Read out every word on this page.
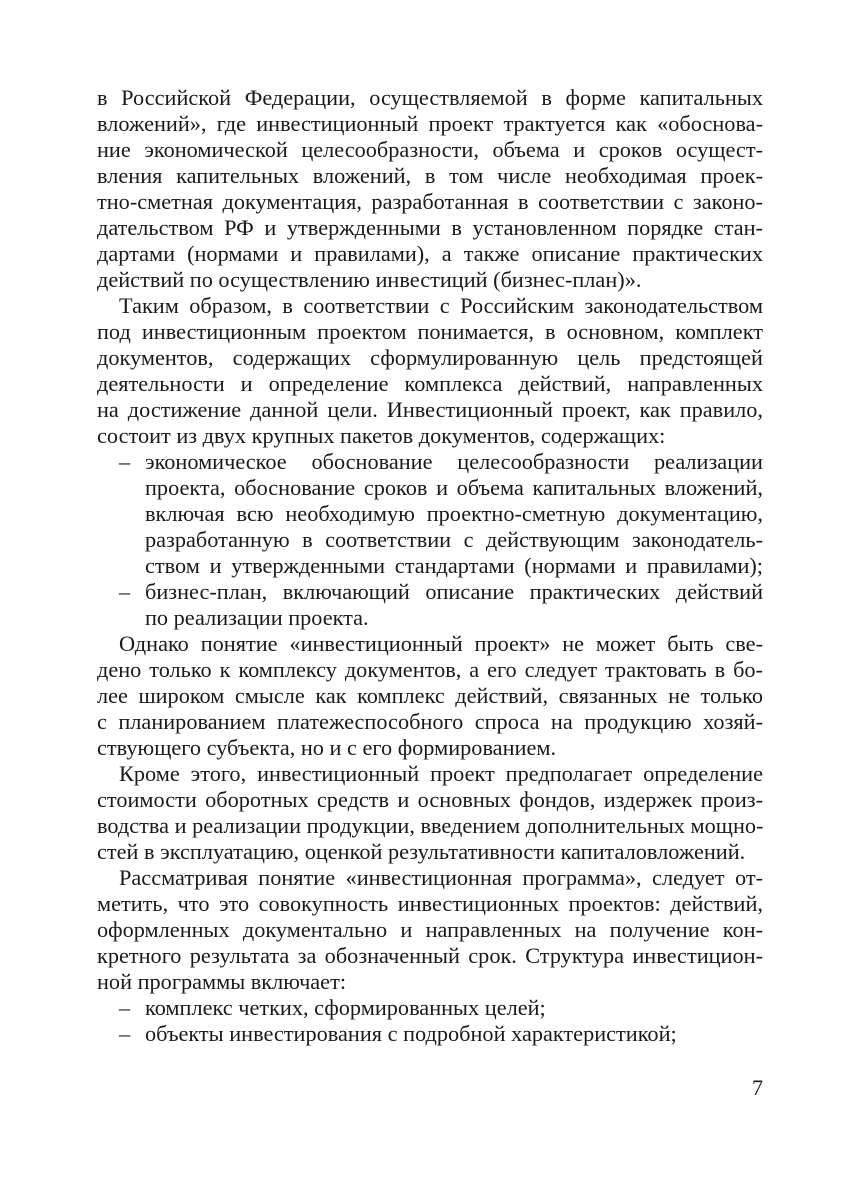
в Российской Федерации, осуществляемой в форме капитальных
вложений», где инвестиционный проект трактуется как «обоснова-
ние экономической целесообразности, объема и сроков осущест-
вления капительных вложений, в том числе необходимая проек-
тно-сметная документация, разработанная в соответствии с законо-
дательством РФ и утвержденными в установленном порядке стан-
дартами (нормами и правилами), а также описание практических
действий по осуществлению инвестиций (бизнес-план)».
Таким образом, в соответствии с Российским законодательством
под инвестиционным проектом понимается, в основном, комплект
документов, содержащих сформулированную цель предстоящей
деятельности и определение комплекса действий, направленных
на достижение данной цели. Инвестиционный проект, как правило,
состоит из двух крупных пакетов документов, содержащих:
– экономическое обоснование целесообразности реализации
проекта, обоснование сроков и объема капитальных вложений,
включая всю необходимую проектно-сметную документацию,
разработанную в соответствии с действующим законодатель-
ством и утвержденными стандартами (нормами и правилами);
– бизнес-план, включающий описание практических действий
по реализации проекта.
Однако понятие «инвестиционный проект» не может быть све-
дено только к комплексу документов, а его следует трактовать в бо-
лее широком смысле как комплекс действий, связанных не только
с планированием платежеспособного спроса на продукцию хозяй-
ствующего субъекта, но и с его формированием.
Кроме этого, инвестиционный проект предполагает определение
стоимости оборотных средств и основных фондов, издержек произ-
водства и реализации продукции, введением дополнительных мощно-
стей в эксплуатацию, оценкой результативности капиталовложений.
Рассматривая понятие «инвестиционная программа», следует от-
метить, что это совокупность инвестиционных проектов: действий,
оформленных документально и направленных на получение кон-
кретного результата за обозначенный срок. Структура инвестицион-
ной программы включает:
– комплекс четких, сформированных целей;
– объекты инвестирования с подробной характеристикой;
7
